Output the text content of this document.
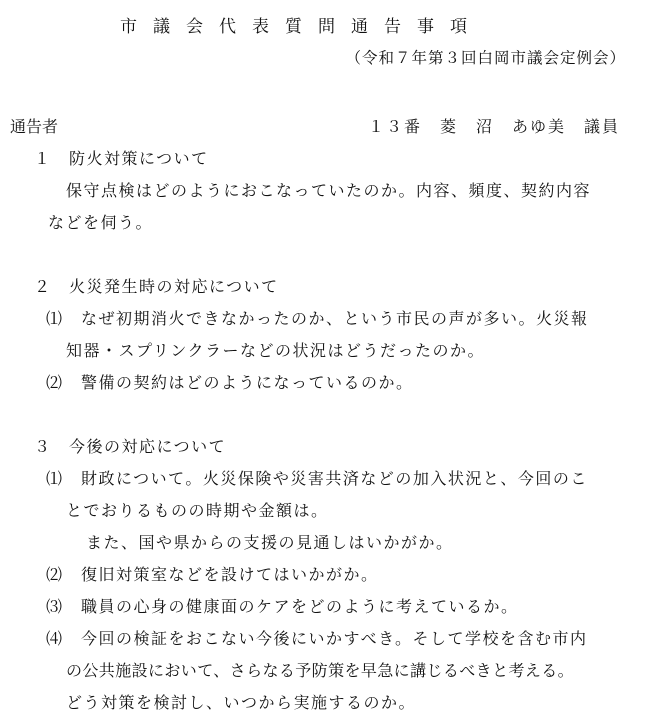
市議会代表質問通告事項
（令和７年第３回白岡市議会定例会）
通告者	１３番　菱　沼　あゆ美　議員
１　防火対策について
保守点検はどのようにおこなっていたのか。内容、頻度、契約内容
などを伺う。
２　火災発生時の対応について
⑴　なぜ初期消火できなかったのか、という市民の声が多い。火災報
知器・スプリンクラーなどの状況はどうだったのか。
⑵　警備の契約はどのようになっているのか。
３　今後の対応について
⑴　財政について。火災保険や災害共済などの加入状況と、今回のこ
とでおりるものの時期や金額は。
また、国や県からの支援の見通しはいかがか。
⑵　復旧対策室などを設けてはいかがか。
⑶　職員の心身の健康面のケアをどのように考えているか。
⑷　今回の検証をおこない今後にいかすべき。そして学校を含む市内
の公共施設において、さらなる予防策を早急に講じるべきと考える。
どう対策を検討し、いつから実施するのか。
